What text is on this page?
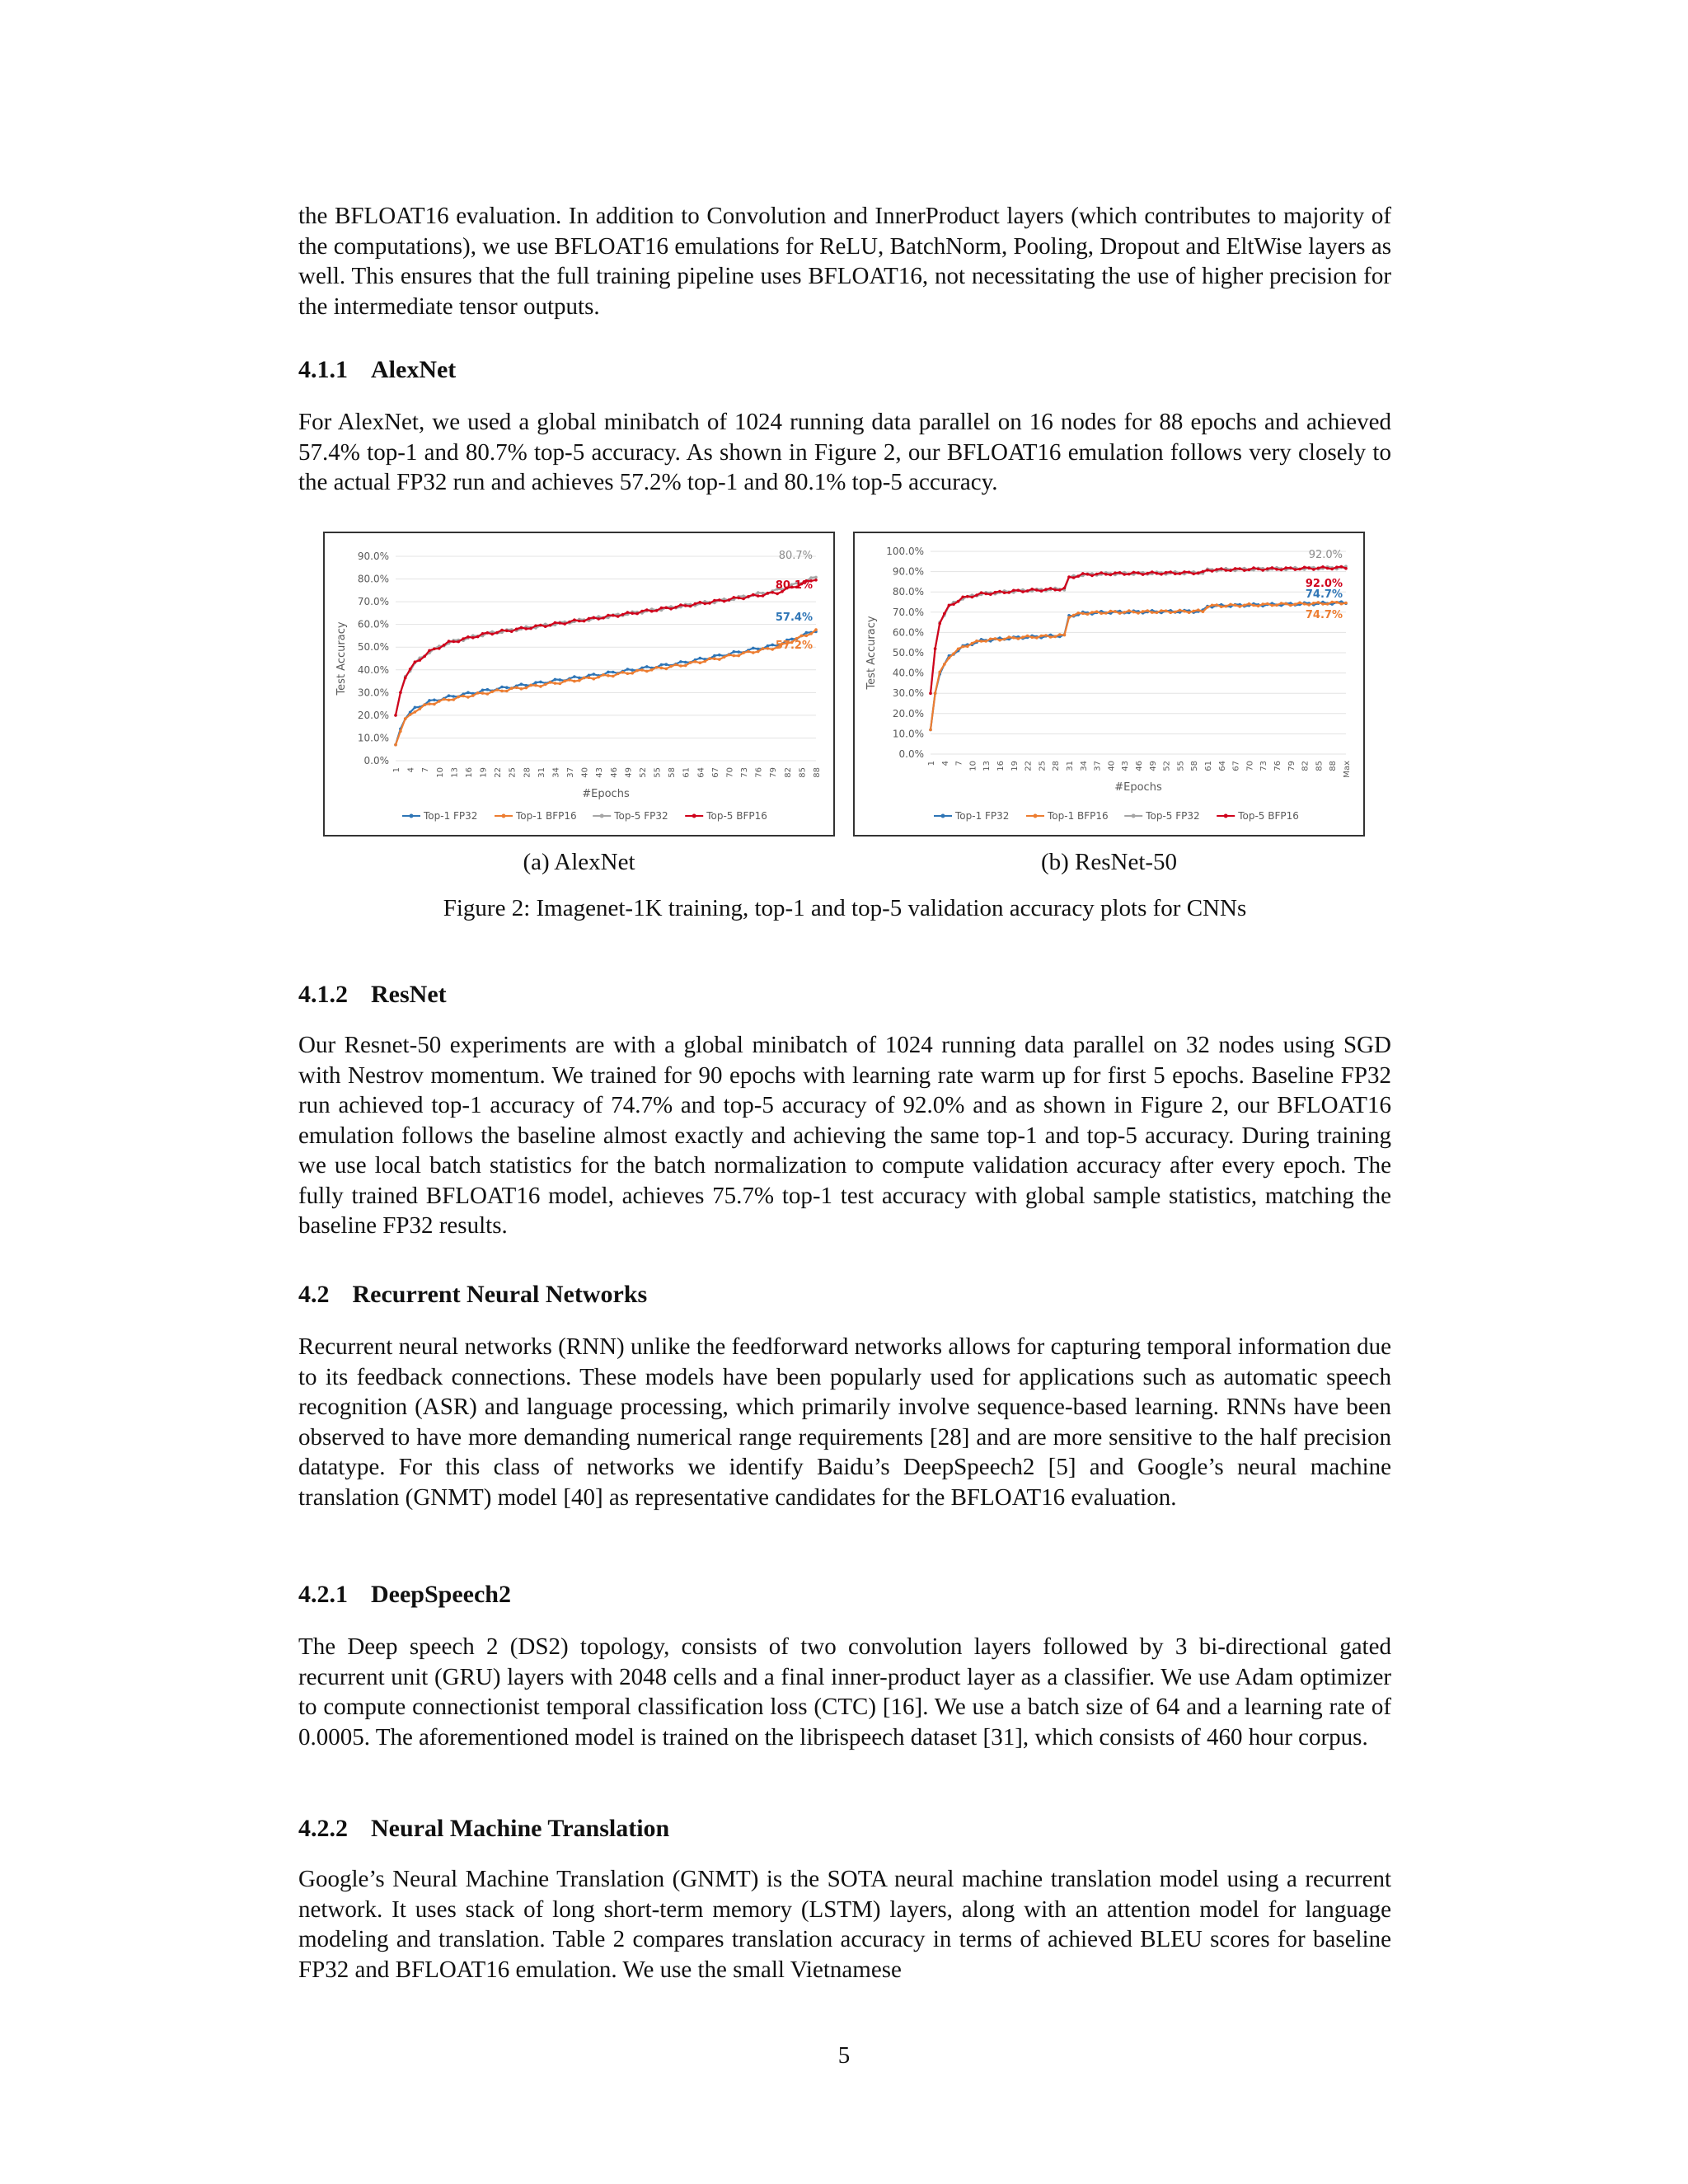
the BFLOAT16 evaluation. In addition to Convolution and InnerProduct layers (which contributes to majority of the computations), we use BFLOAT16 emulations for ReLU, BatchNorm, Pooling, Dropout and EltWise layers as well. This ensures that the full training pipeline uses BFLOAT16, not necessitating the use of higher precision for the intermediate tensor outputs.

4.1.1 AlexNet

For AlexNet, we used a global minibatch of 1024 running data parallel on 16 nodes for 88 epochs and achieved 57.4% top-1 and 80.7% top-5 accuracy. As shown in Figure 2, our BFLOAT16 emulation follows very closely to the actual FP32 run and achieves 57.2% top-1 and 80.1% top-5 accuracy.

0.0%
10.0%
20.0%
30.0%
40.0%
50.0%
60.0%
70.0%
80.0%
90.0%
1 4 7 10 13 16 19 22 25 28 31 34 37 40 43 46 49 52 55 58 61 64 67 70 73 76 79 82 85 88
Test Accuracy
#Epochs
80.7%
80.1%
57.4%
57.2%
Top-1 FP32	Top-1 BFP16	Top-5 FP32	Top-5 BFP16
0.0%
10.0%
20.0%
30.0%
40.0%
50.0%
60.0%
70.0%
80.0%
90.0%
100.0%
1 4 7 10 13 16 19 22 25 28 31 34 37 40 43 46 49 52 55 58 61 64 67 70 73 76 79 82 85 88 Max
Test Accuracy
#Epochs
92.0%
92.0%
74.7%
74.7%
Top-1 FP32	Top-1 BFP16	Top-5 FP32	Top-5 BFP16
(a) AlexNet	(b) ResNet-50
Figure 2: Imagenet-1K training, top-1 and top-5 validation accuracy plots for CNNs
4.1.2 ResNet

Our Resnet-50 experiments are with a global minibatch of 1024 running data parallel on 32 nodes using SGD with Nestrov momentum. We trained for 90 epochs with learning rate warm up for first 5 epochs. Baseline FP32 run achieved top-1 accuracy of 74.7% and top-5 accuracy of 92.0% and as shown in Figure 2, our BFLOAT16 emulation follows the baseline almost exactly and achieving the same top-1 and top-5 accuracy. During training we use local batch statistics for the batch normalization to compute validation accuracy after every epoch. The fully trained BFLOAT16 model, achieves 75.7% top-1 test accuracy with global sample statistics, matching the baseline FP32 results.

4.2 Recurrent Neural Networks

Recurrent neural networks (RNN) unlike the feedforward networks allows for capturing temporal information due to its feedback connections. These models have been popularly used for applications such as automatic speech recognition (ASR) and language processing, which primarily involve sequence-based learning. RNNs have been observed to have more demanding numerical range requirements [28] and are more sensitive to the half precision datatype. For this class of networks we identify Baidu’s DeepSpeech2 [5] and Google’s neural machine translation (GNMT) model [40] as representative candidates for the BFLOAT16 evaluation.

4.2.1 DeepSpeech2

The Deep speech 2 (DS2) topology, consists of two convolution layers followed by 3 bi-directional gated recurrent unit (GRU) layers with 2048 cells and a final inner-product layer as a classifier. We use Adam optimizer to compute connectionist temporal classification loss (CTC) [16]. We use a batch size of 64 and a learning rate of 0.0005. The aforementioned model is trained on the librispeech dataset [31], which consists of 460 hour corpus.

4.2.2 Neural Machine Translation

Google’s Neural Machine Translation (GNMT) is the SOTA neural machine translation model using a recurrent network. It uses stack of long short-term memory (LSTM) layers, along with an attention model for language modeling and translation. Table 2 compares translation accuracy in terms of achieved BLEU scores for baseline FP32 and BFLOAT16 emulation. We use the small Vietnamese

5
